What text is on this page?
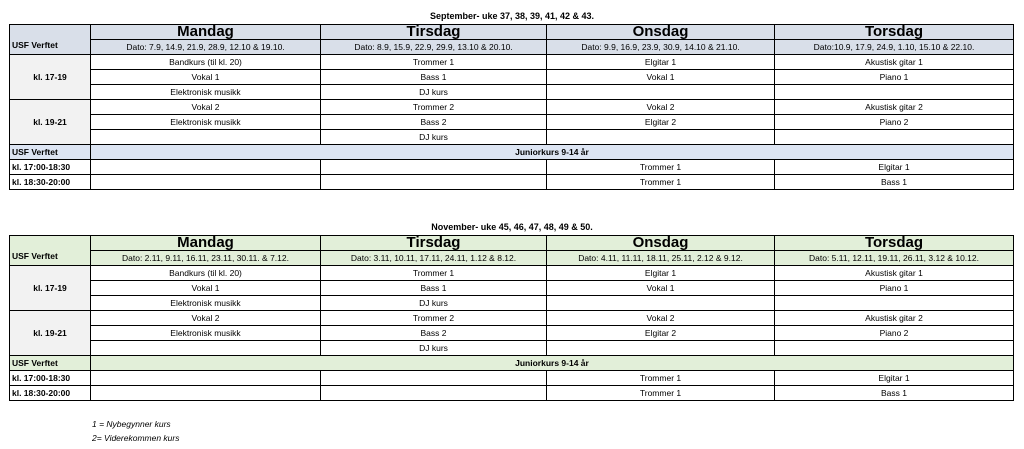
September- uke 37, 38, 39, 41, 42 & 43.
USF Verftet	Mandag	Tirsdag	Onsdag	Torsdag
	Dato: 7.9, 14.9, 21.9, 28.9, 12.10 & 19.10.	Dato: 8.9, 15.9, 22.9, 29.9, 13.10 & 20.10.	Dato: 9.9, 16.9, 23.9, 30.9, 14.10 & 21.10.	Dato:10.9, 17.9, 24.9, 1.10, 15.10 & 22.10.
kl. 17-19	Bandkurs (til kl. 20)	Trommer 1	Elgitar 1	Akustisk gitar 1
	Vokal 1	Bass 1	Vokal 1	Piano 1
	Elektronisk musikk	DJ kurs		
kl. 19-21	Vokal 2	Trommer 2	Vokal 2	Akustisk gitar 2
	Elektronisk musikk	Bass 2	Elgitar 2	Piano 2
		DJ kurs		
USF Verftet	Juniorkurs 9-14 år			
kl. 17:00-18:30			Trommer 1	Elgitar 1
kl. 18:30-20:00			Trommer 1	Bass 1
November- uke 45, 46, 47, 48, 49 & 50.
USF Verftet	Mandag	Tirsdag	Onsdag	Torsdag
	Dato: 2.11, 9.11, 16.11, 23.11, 30.11. & 7.12.	Dato: 3.11, 10.11, 17.11, 24.11, 1.12 & 8.12.	Dato: 4.11, 11.11, 18.11, 25.11, 2.12 & 9.12.	Dato: 5.11, 12.11, 19.11, 26.11, 3.12 & 10.12.
kl. 17-19	Bandkurs (til kl. 20)	Trommer 1	Elgitar 1	Akustisk gitar 1
	Vokal 1	Bass 1	Vokal 1	Piano 1
	Elektronisk musikk	DJ kurs		
kl. 19-21	Vokal 2	Trommer 2	Vokal 2	Akustisk gitar 2
	Elektronisk musikk	Bass 2	Elgitar 2	Piano 2
		DJ kurs		
USF Verftet	Juniorkurs 9-14 år			
kl. 17:00-18:30			Trommer 1	Elgitar 1
kl. 18:30-20:00			Trommer 1	Bass 1
1 = Nybegynner kurs
2= Viderekommen kurs
